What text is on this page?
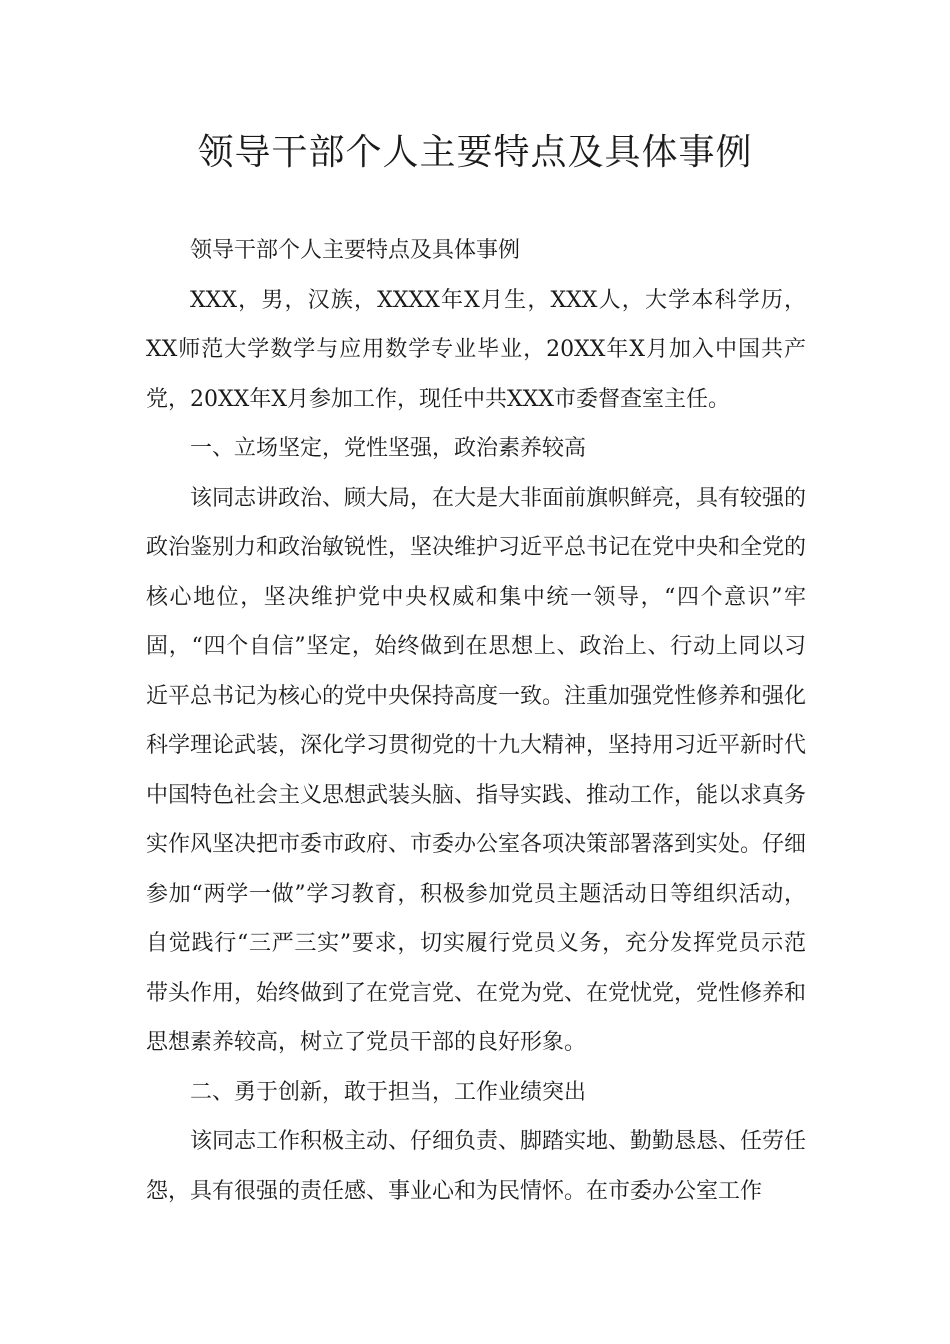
领导干部个人主要特点及具体事例

领导干部个人主要特点及具体事例

XXX，男，汉族，XXXX年X月生，XXX人，大学本科学历，XX师范大学数学与应用数学专业毕业，20XX年X月加入中国共产党，20XX年X月参加工作，现任中共XXX市委督查室主任。

一、立场坚定，党性坚强，政治素养较高

该同志讲政治、顾大局，在大是大非面前旗帜鲜亮，具有较强的政治鉴别力和政治敏锐性，坚决维护习近平总书记在党中央和全党的核心地位，坚决维护党中央权威和集中统一领导，“四个意识”牢固，“四个自信”坚定，始终做到在思想上、政治上、行动上同以习近平总书记为核心的党中央保持高度一致。注重加强党性修养和强化科学理论武装，深化学习贯彻党的十九大精神，坚持用习近平新时代中国特色社会主义思想武装头脑、指导实践、推动工作，能以求真务实作风坚决把市委市政府、市委办公室各项决策部署落到实处。仔细参加“两学一做”学习教育，积极参加党员主题活动日等组织活动，自觉践行“三严三实”要求，切实履行党员义务，充分发挥党员示范带头作用，始终做到了在党言党、在党为党、在党忧党，党性修养和思想素养较高，树立了党员干部的良好形象。

二、勇于创新，敢于担当，工作业绩突出

该同志工作积极主动、仔细负责、脚踏实地、勤勤恳恳、任劳任怨，具有很强的责任感、事业心和为民情怀。在市委办公室工作
